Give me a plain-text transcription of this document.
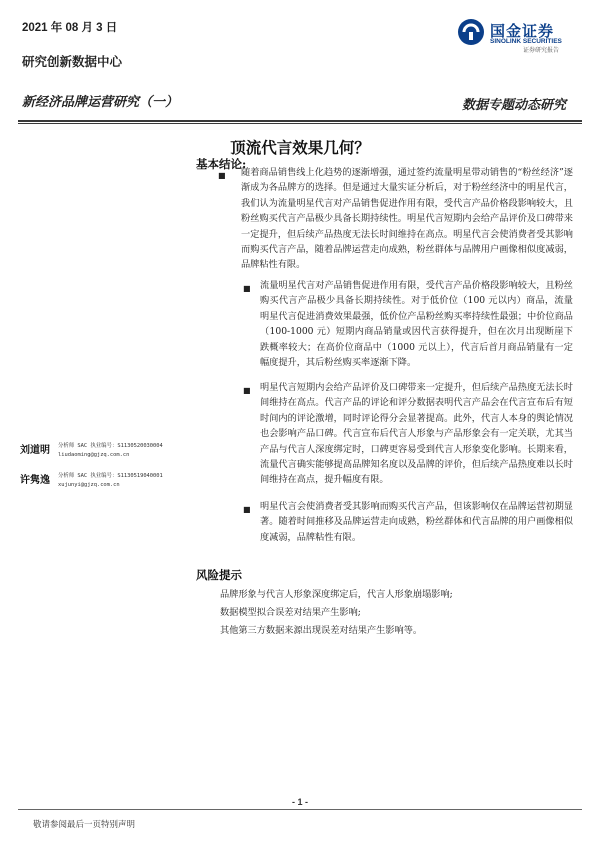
2021 年 08 月 3 日
研究创新数据中心
新经济品牌运营研究（一）	数据专题动态研究
国金证券
SINOLINK SECURITIES
证券研究报告
顶流代言效果几何？
基本结论:
■ 随着商品销售线上化趋势的逐渐增强，通过签约流量明星带动销售的“粉丝经济”逐渐成为各品牌方的选择。但是通过大量实证分析后，对于粉丝经济中的明星代言，我们认为流量明星代言对产品销售促进作用有限，受代言产品价格段影响较大，且粉丝购买代言产品极少具备长期持续性。明星代言短期内会给产品评价及口碑带来一定提升，但后续产品热度无法长时间维持在高点。明星代言会使消费者受其影响而购买代言产品，随着品牌运营走向成熟，粉丝群体与品牌用户画像相似度减弱，品牌粘性有限。

■ 流量明星代言对产品销售促进作用有限，受代言产品价格段影响较大，且粉丝购买代言产品极少具备长期持续性。对于低价位（100 元以内）商品，流量明星代言促进消费效果最强，低价位产品粉丝购买率持续性最强；中价位商品（100-1000 元）短期内商品销量或因代言获得提升，但在次月出现断崖下跌概率较大；在高价位商品中（1000 元以上），代言后首月商品销量有一定幅度提升，其后粉丝购买率逐渐下降。

■ 明星代言短期内会给产品评价及口碑带来一定提升，但后续产品热度无法长时间维持在高点。代言产品的评论和评分数据表明代言产品会在代言宣布后有短时间内的评论激增，同时评论得分会显著提高。此外，代言人本身的舆论情况也会影响产品口碑。代言宣布后代言人形象与产品形象会有一定关联，尤其当产品与代言人深度绑定时，口碑更容易受到代言人形象变化影响。长期来看，流量代言确实能够提高品牌知名度以及品牌的评价，但后续产品热度难以长时间维持在高点，提升幅度有限。

■ 明星代言会使消费者受其影响而购买代言产品，但该影响仅在品牌运营初期显著。随着时间推移及品牌运营走向成熟，粉丝群体和代言品牌的用户画像相似度减弱，品牌粘性有限。

刘道明 分析师 SAC 执业编号：S1130520030004
liudaoming@gjzq.com.cn
许隽逸 分析师 SAC 执业编号：S1130519040001
xujunyi@gjzq.com.cn
风险提示
品牌形象与代言人形象深度绑定后，代言人形象崩塌影响;
数据模型拟合误差对结果产生影响;
其他第三方数据来源出现误差对结果产生影响等。
- 1 -
敬请参阅最后一页特别声明
